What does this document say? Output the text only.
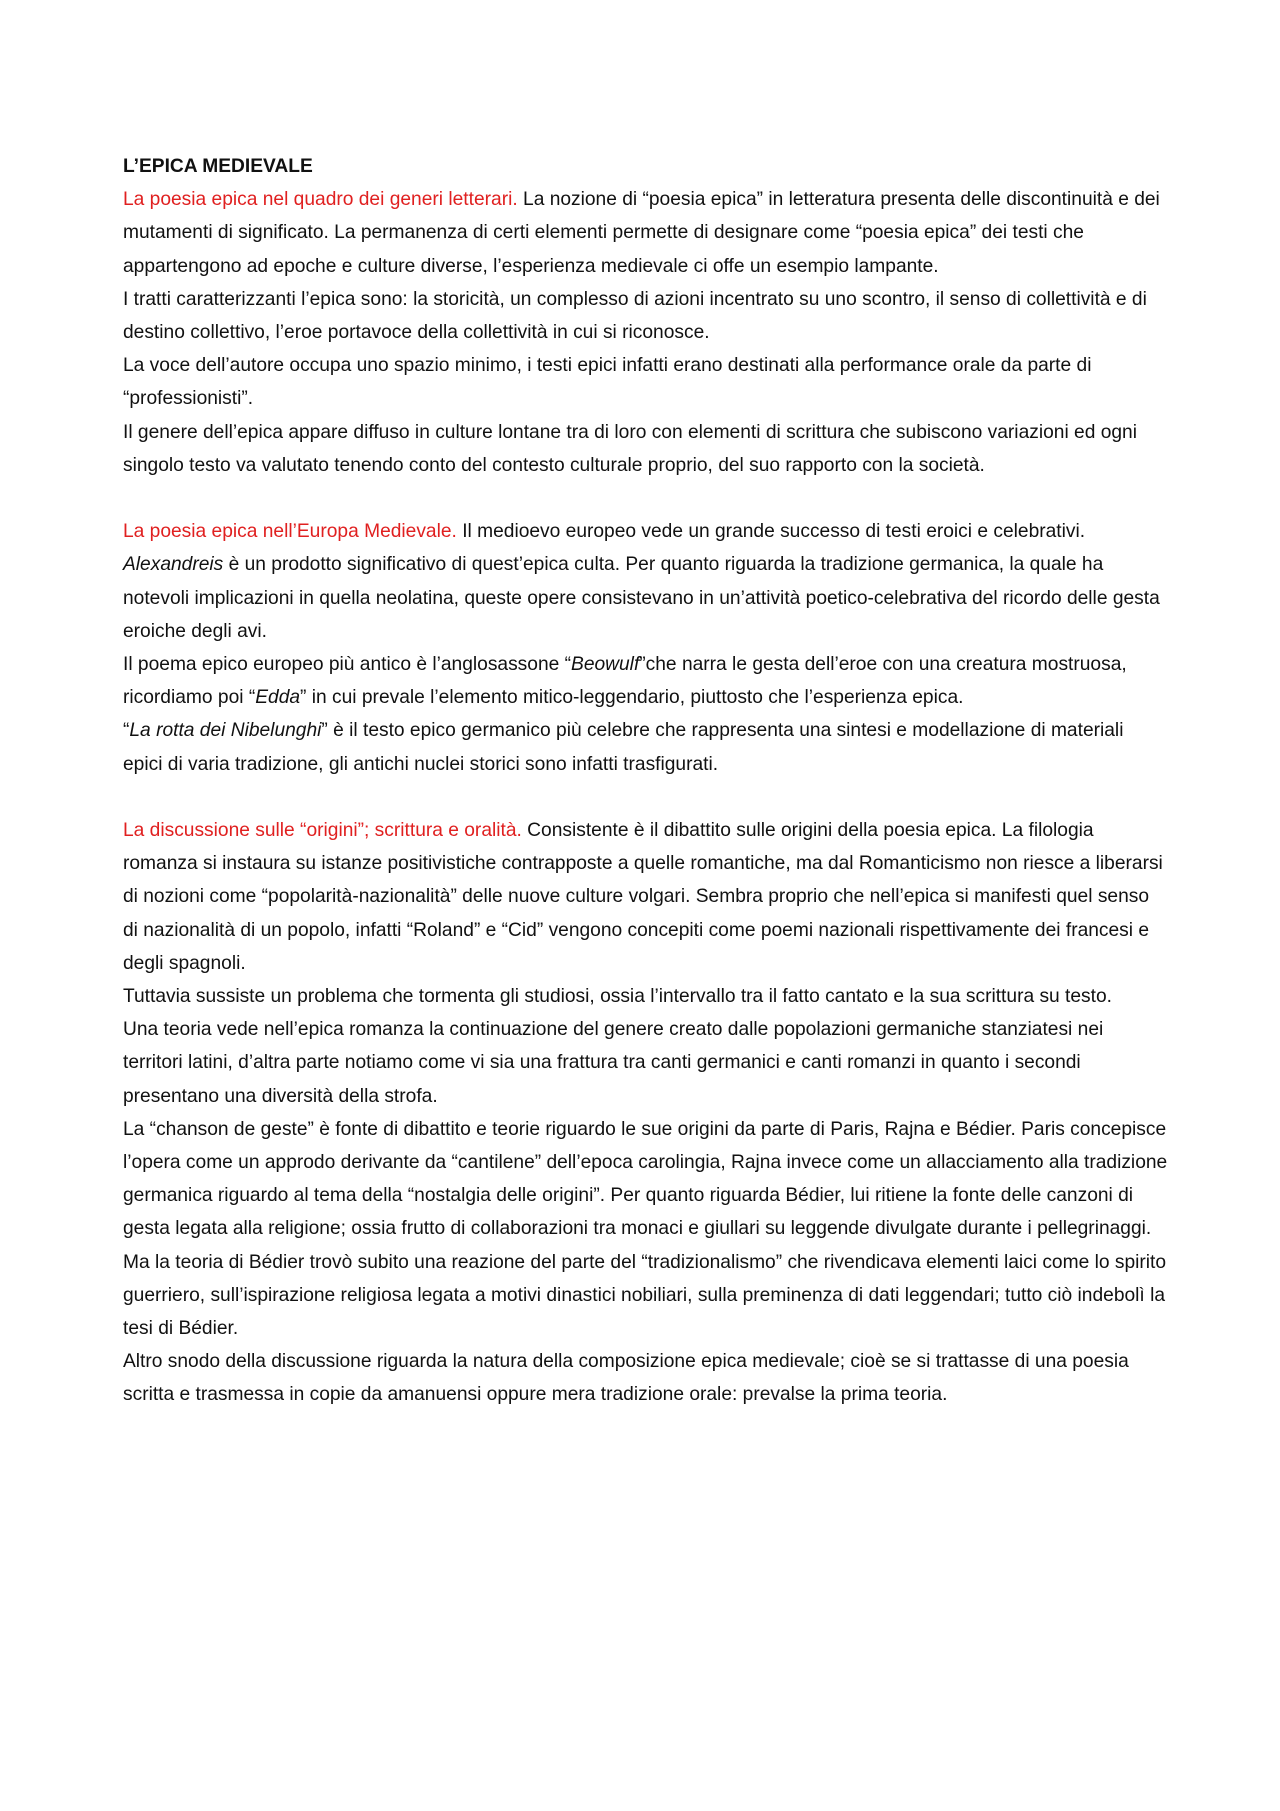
L’EPICA MEDIEVALE

La poesia epica nel quadro dei generi letterari. La nozione di “poesia epica” in letteratura presenta delle discontinuità e dei mutamenti di significato. La permanenza di certi elementi permette di designare come “poesia epica” dei testi che appartengono ad epoche e culture diverse, l’esperienza medievale ci offe un esempio lampante.

I tratti caratterizzanti l’epica sono: la storicità, un complesso di azioni incentrato su uno scontro, il senso di collettività e di destino collettivo, l’eroe portavoce della collettività in cui si riconosce.

La voce dell’autore occupa uno spazio minimo, i testi epici infatti erano destinati alla performance orale da parte di “professionisti”.

Il genere dell’epica appare diffuso in culture lontane tra di loro con elementi di scrittura che subiscono variazioni ed ogni singolo testo va valutato tenendo conto del contesto culturale proprio, del suo rapporto con la società.

La poesia epica nell’Europa Medievale. Il medioevo europeo vede un grande successo di testi eroici e celebrativi. Alexandreis è un prodotto significativo di quest’epica culta. Per quanto riguarda la tradizione germanica, la quale ha notevoli implicazioni in quella neolatina, queste opere consistevano in un’attività poetico-celebrativa del ricordo delle gesta eroiche degli avi.

Il poema epico europeo più antico è l’anglosassone “Beowulf”che narra le gesta dell’eroe con una creatura mostruosa, ricordiamo poi “Edda” in cui prevale l’elemento mitico-leggendario, piuttosto che l’esperienza epica.

“La rotta dei Nibelunghi” è il testo epico germanico più celebre che rappresenta una sintesi e modellazione di materiali epici di varia tradizione, gli antichi nuclei storici sono infatti trasfigurati.

La discussione sulle “origini”; scrittura e oralità. Consistente è il dibattito sulle origini della poesia epica. La filologia romanza si instaura su istanze positivistiche contrapposte a quelle romantiche, ma dal Romanticismo non riesce a liberarsi di nozioni come “popolarità-nazionalità” delle nuove culture volgari. Sembra proprio che nell’epica si manifesti quel senso di nazionalità di un popolo, infatti “Roland” e “Cid” vengono concepiti come poemi nazionali rispettivamente dei francesi e degli spagnoli.

Tuttavia sussiste un problema che tormenta gli studiosi, ossia l’intervallo tra il fatto cantato e la sua scrittura su testo.

Una teoria vede nell’epica romanza la continuazione del genere creato dalle popolazioni germaniche stanziatesi nei territori latini, d’altra parte notiamo come vi sia una frattura tra canti germanici e canti romanzi in quanto i secondi presentano una diversità della strofa.

La “chanson de geste” è fonte di dibattito e teorie riguardo le sue origini da parte di Paris, Rajna e Bédier. Paris concepisce l’opera come un approdo derivante da “cantilene” dell’epoca carolingia, Rajna invece come un allacciamento alla tradizione germanica riguardo al tema della “nostalgia delle origini”. Per quanto riguarda Bédier, lui ritiene la fonte delle canzoni di gesta legata alla religione; ossia frutto di collaborazioni tra monaci e giullari su leggende divulgate durante i pellegrinaggi.

Ma la teoria di Bédier trovò subito una reazione del parte del “tradizionalismo” che rivendicava elementi laici come lo spirito guerriero, sull’ispirazione religiosa legata a motivi dinastici nobiliari, sulla preminenza di dati leggendari; tutto ciò indebolì la tesi di Bédier.

Altro snodo della discussione riguarda la natura della composizione epica medievale; cioè se si trattasse di una poesia scritta e trasmessa in copie da amanuensi oppure mera tradizione orale: prevalse la prima teoria.
